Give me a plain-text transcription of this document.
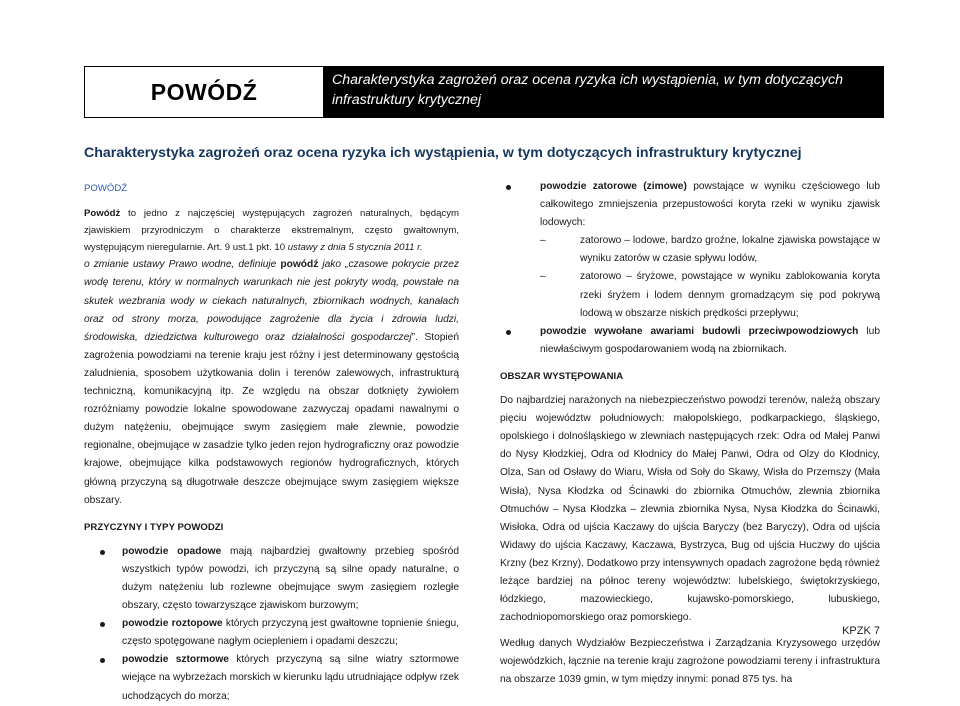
POWÓDŹ	Charakterystyka zagrożeń oraz ocena ryzyka ich wystąpienia, w tym dotyczących infrastruktury krytycznej
Charakterystyka zagrożeń oraz ocena ryzyka ich wystąpienia, w tym dotyczących infrastruktury krytycznej
POWÓDŹ
Powódź to jedno z najczęściej występujących zagrożeń naturalnych, będącym zjawiskiem przyrodniczym o charakterze ekstremalnym, często gwałtownym, występującym nieregularnie. Art. 9 ust.1 pkt. 10 ustawy z dnia 5 stycznia 2011 r.
o zmianie ustawy Prawo wodne, definiuje powódź jako „czasowe pokrycie przez wodę terenu, który w normalnych warunkach nie jest pokryty wodą, powstałe na skutek wezbrania wody w ciekach naturalnych, zbiornikach wodnych, kanałach oraz od strony morza, powodujące zagrożenie dla życia i zdrowia ludzi, środowiska, dziedzictwa kulturowego oraz działalności gospodarczej”. Stopień zagrożenia powodziami na terenie kraju jest różny i jest determinowany gęstością zaludnienia, sposobem użytkowania dolin i terenów zalewowych, infrastrukturą techniczną, komunikacyjną itp. Ze względu na obszar dotknięty żywiołem rozróżniamy powodzie lokalne spowodowane zazwyczaj opadami nawalnymi o dużym natężeniu, obejmujące swym zasięgiem małe zlewnie, powodzie regionalne, obejmujące w zasadzie tylko jeden rejon hydrograficzny oraz powodzie krajowe, obejmujące kilka podstawowych regionów hydrograficznych, których główną przyczyną są długotrwałe deszcze obejmujące swym zasięgiem większe obszary.
PRZYCZYNY I TYPY POWODZI
powodzie opadowe mają najbardziej gwałtowny przebieg spośród wszystkich typów powodzi, ich przyczyną są silne opady naturalne, o dużym natężeniu lub rozlewne obejmujące swym zasięgiem rozległe obszary, często towarzyszące zjawiskom burzowym;
powodzie roztopowe których przyczyną jest gwałtowne topnienie śniegu, często spotęgowane nagłym ociepleniem i opadami deszczu;
powodzie sztormowe których przyczyną są silne wiatry sztormowe wiejące na wybrzeżach morskich w kierunku lądu utrudniające odpływ rzek uchodzących do morza;
powodzie zatorowe (zimowe) powstające w wyniku częściowego lub całkowitego zmniejszenia przepustowości koryta rzeki w wyniku zjawisk lodowych:
–	zatorowo – lodowe, bardzo groźne, lokalne zjawiska powstające w wyniku zatorów w czasie spływu lodów,
–	zatorowo – śryżowe, powstające w wyniku zablokowania koryta rzeki śryżem i lodem dennym gromadzącym się pod pokrywą lodową w obszarze niskich prędkości przepływu;
powodzie wywołane awariami budowli przeciwpowodziowych lub niewłaściwym gospodarowaniem wodą na zbiornikach.
OBSZAR WYSTĘPOWANIA
Do najbardziej narażonych na niebezpieczeństwo powodzi terenów, należą obszary pięciu województw południowych: małopolskiego, podkarpackiego, śląskiego, opolskiego i dolnośląskiego w zlewniach następujących rzek: Odra od Małej Panwi do Nysy Kłodzkiej, Odra od Kłodnicy do Małej Panwi, Odra od Olzy do Kłodnicy, Olza, San od Osławy do Wiaru, Wisła od Soły do Skawy, Wisła do Przemszy (Mała Wisła), Nysa Kłodzka od Ścinawki do zbiornika Otmuchów, zlewnia zbiornika Otmuchów – Nysa Kłodzka – zlewnia zbiornika Nysa, Nysa Kłodzka do Ścinawki, Wisłoka, Odra od ujścia Kaczawy do ujścia Baryczy (bez Baryczy), Odra od ujścia Widawy do ujścia Kaczawy, Kaczawa, Bystrzyca, Bug od ujścia Huczwy do ujścia Krzny (bez Krzny). Dodatkowo przy intensywnych opadach zagrożone będą również leżące bardziej na północ tereny województw: lubelskiego, świętokrzyskiego, łódzkiego, mazowieckiego, kujawsko-pomorskiego, lubuskiego, zachodniopomorskiego oraz pomorskiego.
Według danych Wydziałów Bezpieczeństwa i Zarządzania Kryzysowego urzędów wojewódzkich, łącznie na terenie kraju zagrożone powodziami tereny i infrastruktura na obszarze 1039 gmin, w tym między innymi: ponad 875 tys. ha
KPZK 7
